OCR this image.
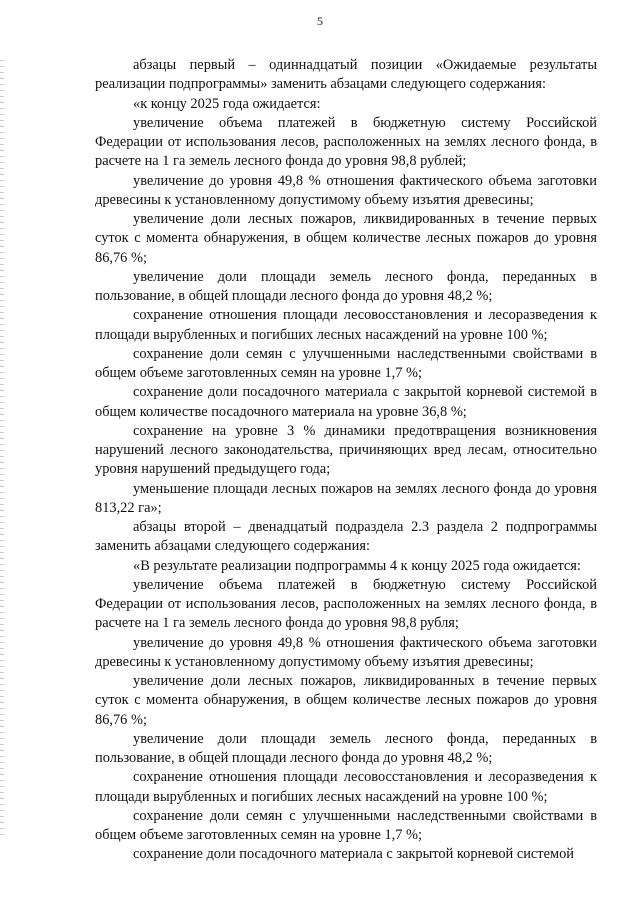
5

абзацы первый – одиннадцатый позиции «Ожидаемые результаты реализации подпрограммы» заменить абзацами следующего содержания:

«к концу 2025 года ожидается:

увеличение объема платежей в бюджетную систему Российской Федерации от использования лесов, расположенных на землях лесного фонда, в расчете на 1 га земель лесного фонда до уровня 98,8 рублей;

увеличение до уровня 49,8 % отношения фактического объема заготовки древесины к установленному допустимому объему изъятия древесины;

увеличение доли лесных пожаров, ликвидированных в течение первых суток с момента обнаружения, в общем количестве лесных пожаров до уровня 86,76 %;

увеличение доли площади земель лесного фонда, переданных в пользование, в общей площади лесного фонда до уровня 48,2 %;

сохранение отношения площади лесовосстановления и лесоразведения к площади вырубленных и погибших лесных насаждений на уровне 100 %;

сохранение доли семян с улучшенными наследственными свойствами в общем объеме заготовленных семян на уровне 1,7 %;

сохранение доли посадочного материала с закрытой корневой системой в общем количестве посадочного материала на уровне 36,8 %;

сохранение на уровне 3 % динамики предотвращения возникновения нарушений лесного законодательства, причиняющих вред лесам, относительно уровня нарушений предыдущего года;

уменьшение площади лесных пожаров на землях лесного фонда до уровня 813,22 га»;

абзацы второй – двенадцатый подраздела 2.3 раздела 2 подпрограммы заменить абзацами следующего содержания:

«В результате реализации подпрограммы 4 к концу 2025 года ожидается:

увеличение объема платежей в бюджетную систему Российской Федерации от использования лесов, расположенных на землях лесного фонда, в расчете на 1 га земель лесного фонда до уровня 98,8 рубля;

увеличение до уровня 49,8 % отношения фактического объема заготовки древесины к установленному допустимому объему изъятия древесины;

увеличение доли лесных пожаров, ликвидированных в течение первых суток с момента обнаружения, в общем количестве лесных пожаров до уровня 86,76 %;

увеличение доли площади земель лесного фонда, переданных в пользование, в общей площади лесного фонда до уровня 48,2 %;

сохранение отношения площади лесовосстановления и лесоразведения к площади вырубленных и погибших лесных насаждений на уровне 100 %;

сохранение доли семян с улучшенными наследственными свойствами в общем объеме заготовленных семян на уровне 1,7 %;

сохранение доли посадочного материала с закрытой корневой системой
